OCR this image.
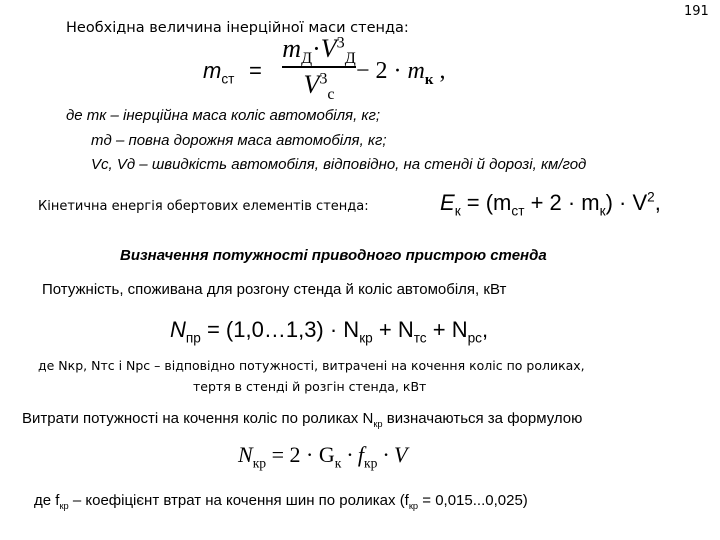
191
Необхідна величина інерційної маси стенда:
$m_{ст}$ =
$m_Д\cdot V^3_Д$
$V^3_с$
− $2 \cdot m_к$ ,
де mк – інерційна маса коліс автомобіля, кг;
mд – повна дорожня маса автомобіля, кг;
Vс, Vд – швидкість автомобіля, відповідно, на стенді й дорозі, км/год
Кінетична енергія обертових елементів стенда:	$E_к = (m_{ст} + 2 \cdot m_к) \cdot V^2$,
Визначення потужності приводного пристрою стенда
Потужність, споживана для розгону стенда й коліс автомобіля, кВт
$N_{пр}$ = (1,0…1,3) · $N_{кр} + N_{тс} + N_{рс}$,
де Nкр, Nтс і Nрс – відповідно потужності, витрачені на кочення коліс по роликах,
тертя в стенді й розгін стенда, кВт
Витрати потужності на кочення коліс по роликах $N_{кр}$ визначаються за формулою
$N_{кр} = 2 \cdot G_к \cdot f_{кр} \cdot V$
де $f_{кр}$ – коефіцієнт втрат на кочення шин по роликах $(f_{кр} = 0,015...0,025)$
